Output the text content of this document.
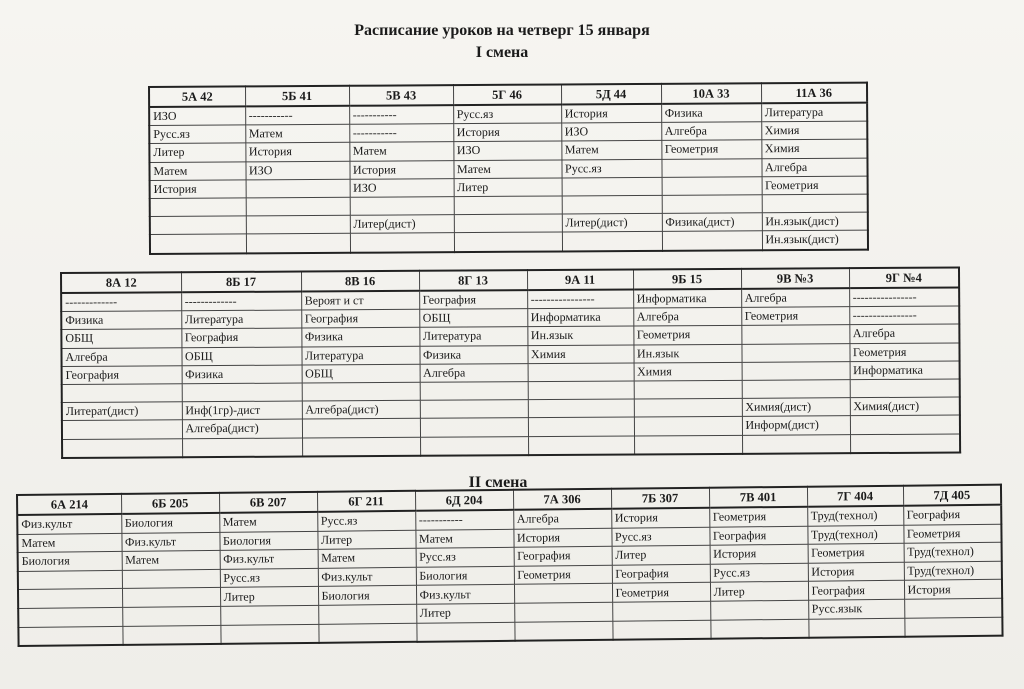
Расписание уроков на четверг 15 января
I смена
5А 42	5Б 41	5В 43	5Г 46	5Д 44	10А 33	11А 36
ИЗО	-----------	-----------	Русс.яз	История	Физика	Литература
Русс.яз	Матем	-----------	История	ИЗО	Алгебра	Химия
Литер	История	Матем	ИЗО	Матем	Геометрия	Химия
Матем	ИЗО	История	Матем	Русс.яз		Алгебра
История		ИЗО	Литер			Геометрия

		Литер(дист)		Литер(дист)	Физика(дист)	Ин.язык(дист)
						Ин.язык(дист)
8А 12	8Б 17	8В 16	8Г 13	9А 11	9Б 15	9В №3	9Г №4
-------------	-------------	Вероят и ст	География	----------------	Информатика	Алгебра	----------------
Физика	Литература	География	ОБЩ	Информатика	Алгебра	Геометрия	----------------
ОБЩ	География	Физика	Литература	Ин.язык	Геометрия		Алгебра
Алгебра	ОБЩ	Литература	Физика	Химия	Ин.язык		Геометрия
География	Физика	ОБЩ	Алгебра		Химия		Информатика

Литерат(дист)	Инф(1гр)-дист	Алгебра(дист)				Химия(дист)	Химия(дист)
	Алгебра(дист)					Информ(дист)	

II смена
6А 214	6Б 205	6В 207	6Г 211	6Д 204	7А 306	7Б 307	7В 401	7Г 404	7Д 405
Физ.культ	Биология	Матем	Русс.яз	-----------	Алгебра	История	Геометрия	Труд(технол)	География
Матем	Физ.культ	Биология	Литер	Матем	История	Русс.яз	География	Труд(технол)	Геометрия
Биология	Матем	Физ.культ	Матем	Русс.яз	География	Литер	История	Геометрия	Труд(технол)
		Русс.яз	Физ.культ	Биология	Геометрия	География	Русс.яз	История	Труд(технол)
		Литер	Биология	Физ.культ		Геометрия	Литер	География	История
				Литер				Русс.язык	
